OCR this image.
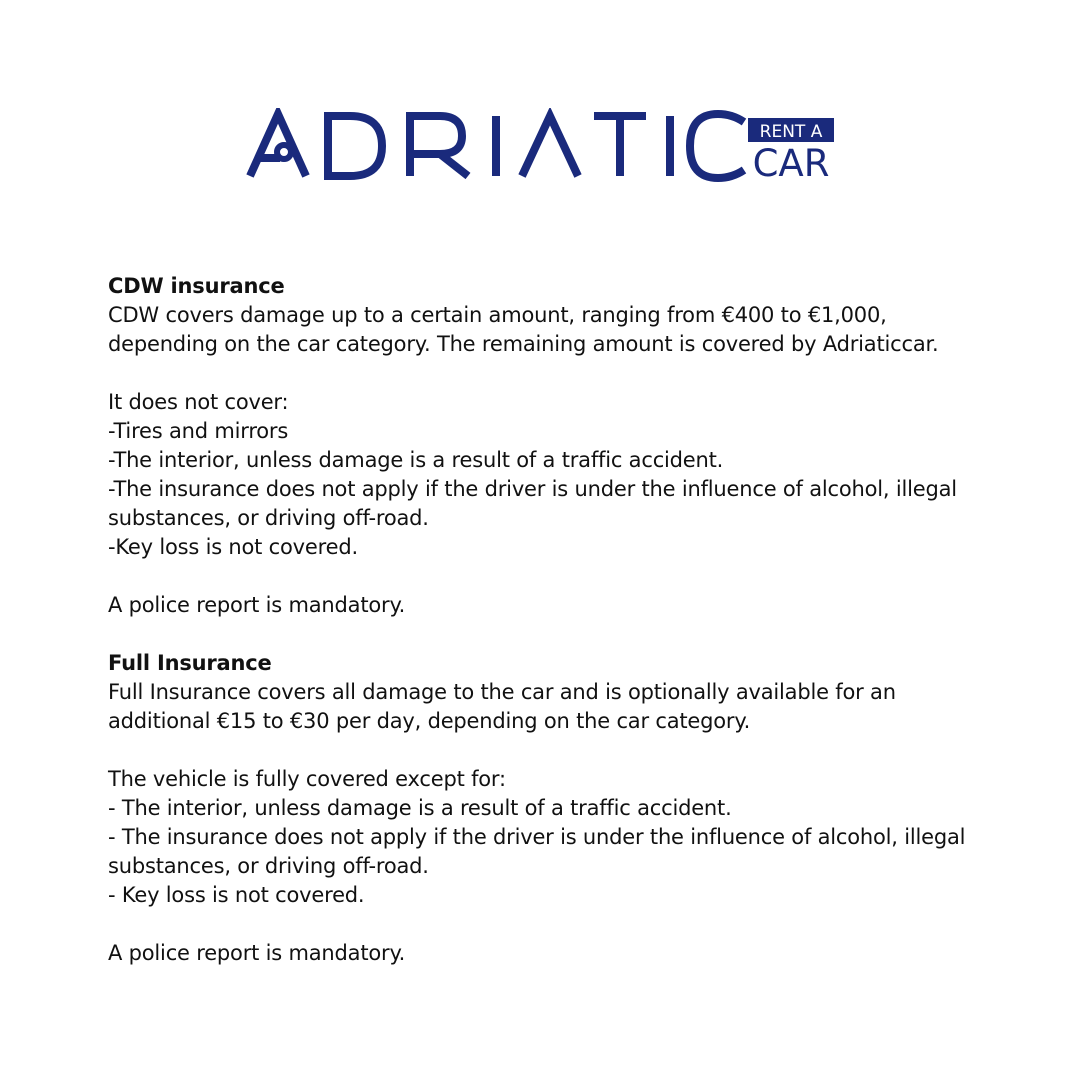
RENT A
CAR

CDW insurance

CDW covers damage up to a certain amount, ranging from €400 to €1,000,

depending on the car category. The remaining amount is covered by Adriaticcar.

It does not cover:

-Tires and mirrors

-The interior, unless damage is a result of a traffic accident.

-The insurance does not apply if the driver is under the influence of alcohol, illegal

substances, or driving off-road.

-Key loss is not covered.

A police report is mandatory.

Full Insurance

Full Insurance covers all damage to the car and is optionally available for an

additional €15 to €30 per day, depending on the car category.

The vehicle is fully covered except for:

- The interior, unless damage is a result of a traffic accident.

- The insurance does not apply if the driver is under the influence of alcohol, illegal

substances, or driving off-road.

- Key loss is not covered.

A police report is mandatory.
